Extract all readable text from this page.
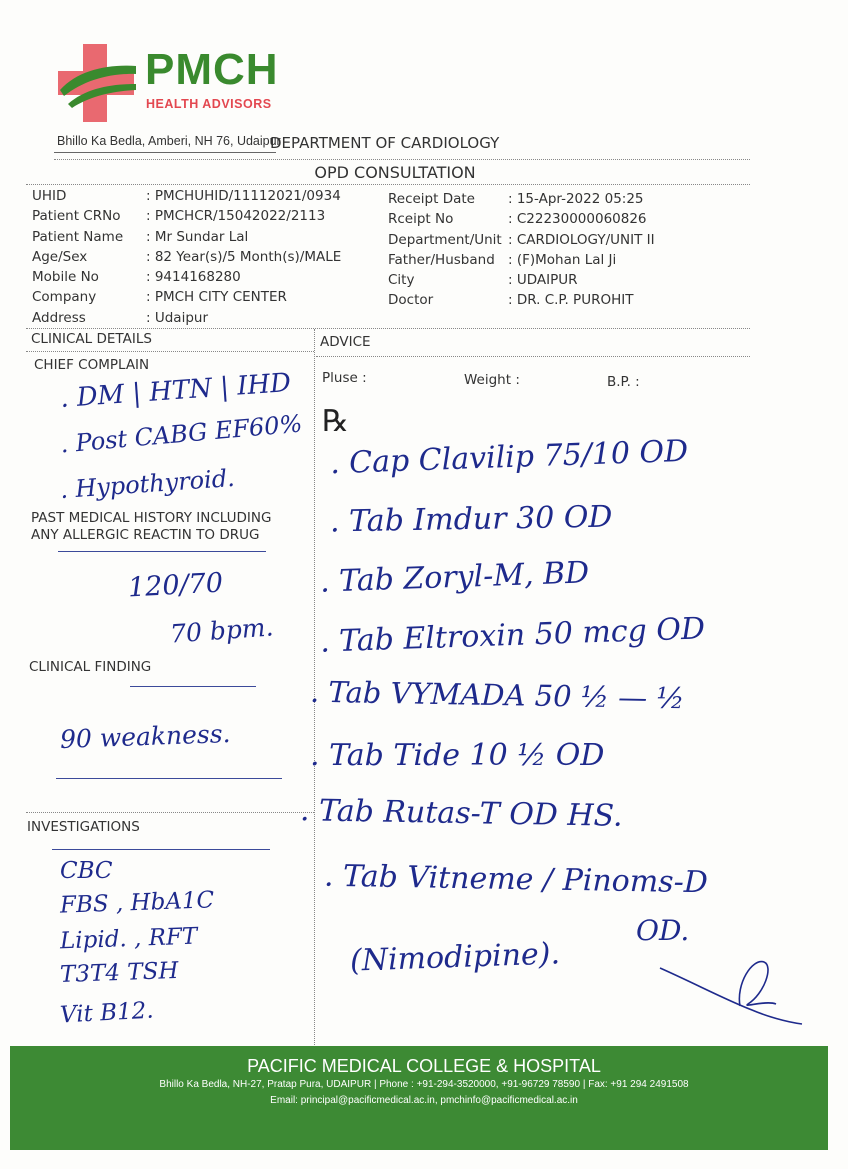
PMCH
HEALTH ADVISORS
Bhillo Ka Bedla, Amberi, NH 76, Udaipur
DEPARTMENT OF CARDIOLOGY
OPD CONSULTATION
UHID	: PMCHUHID/11112021/0934
Patient CRNo	: PMCHCR/15042022/2113
Patient Name	: Mr Sundar Lal
Age/Sex	: 82 Year(s)/5 Month(s)/MALE
Mobile No	: 9414168280
Company	: PMCH CITY CENTER
Address	: Udaipur
Receipt Date	: 15-Apr-2022 05:25
Rceipt No	: C22230000060826
Department/Unit : CARDIOLOGY/UNIT II
Father/Husband : (F)Mohan Lal Ji
City	: UDAIPUR
Doctor	: DR. C.P. PUROHIT
CLINICAL DETAILS	ADVICE
CHIEF COMPLAIN
PAST MEDICAL HISTORY INCLUDING
ANY ALLERGIC REACTIN TO DRUG
CLINICAL FINDING
INVESTIGATIONS
Pluse :	Weight :	B.P. :
℞
. DM | HTN | IHD
. Post CABG EF60%
. Hypothyroid.
120/70
70 bpm.
90 weakness.
CBC
FBS , HbA1C
Lipid. , RFT
T3T4 TSH
Vit B12.
. Cap Clavilip 75/10 OD
. Tab Imdur 30 OD
. Tab Zoryl-M, BD
. Tab Eltroxin 50 mcg OD
. Tab VYMADA 50 ½ — ½
. Tab Tide 10 ½ OD
. Tab Rutas-T OD HS.
. Tab Vitneme / Pinoms-D
OD.
(Nimodipine).
PACIFIC MEDICAL COLLEGE & HOSPITAL
Bhillo Ka Bedla, NH-27, Pratap Pura, UDAIPUR | Phone : +91-294-3520000, +91-96729 78590 | Fax: +91 294 2491508
Email: principal@pacificmedical.ac.in, pmchinfo@pacificmedical.ac.in
